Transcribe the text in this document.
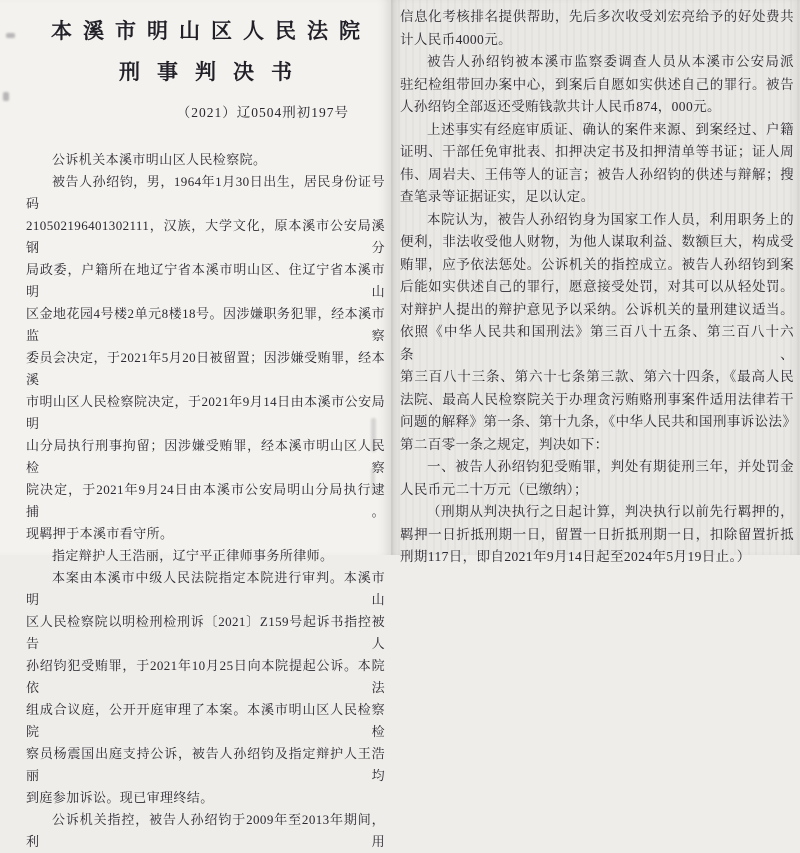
本溪市明山区人民法院
刑事判决书
（2021）辽0504刑初197号
公诉机关本溪市明山区人民检察院。
被告人孙绍钧，男，1964年1月30日出生，居民身份证号码
210502196401302111，汉族，大学文化，原本溪市公安局溪钢分
局政委，户籍所在地辽宁省本溪市明山区、住辽宁省本溪市明山
区金地花园4号楼2单元8楼18号。因涉嫌职务犯罪，经本溪市监察
委员会决定，于2021年5月20日被留置；因涉嫌受贿罪，经本溪
市明山区人民检察院决定，于2021年9月14日由本溪市公安局明
山分局执行刑事拘留；因涉嫌受贿罪，经本溪市明山区人民检察
院决定，于2021年9月24日由本溪市公安局明山分局执行逮捕。
现羁押于本溪市看守所。
指定辩护人王浩丽，辽宁平正律师事务所律师。
本案由本溪市中级人民法院指定本院进行审判。本溪市明山
区人民检察院以明检刑检刑诉〔2021〕Z159号起诉书指控被告人
孙绍钧犯受贿罪，于2021年10月25日向本院提起公诉。本院依法
组成合议庭，公开开庭审理了本案。本溪市明山区人民检察院检
察员杨震国出庭支持公诉，被告人孙绍钧及指定辩护人王浩丽均
到庭参加诉讼。现已审理终结。
公诉机关指控，被告人孙绍钧于2009年至2013年期间，利用
信息化考核排名提供帮助，先后多次收受刘宏亮给予的好处费共
计人民币4000元。
被告人孙绍钧被本溪市监察委调查人员从本溪市公安局派
驻纪检组带回办案中心，到案后自愿如实供述自己的罪行。被告
人孙绍钧全部返还受贿钱款共计人民币874，000元。
上述事实有经庭审质证、确认的案件来源、到案经过、户籍
证明、干部任免审批表、扣押决定书及扣押清单等书证；证人周
伟、周岩夫、王伟等人的证言；被告人孙绍钧的供述与辩解；搜
查笔录等证据证实，足以认定。
本院认为，被告人孙绍钧身为国家工作人员，利用职务上的
便利，非法收受他人财物，为他人谋取利益、数额巨大，构成受
贿罪，应予依法惩处。公诉机关的指控成立。被告人孙绍钧到案
后能如实供述自己的罪行，愿意接受处罚，对其可以从轻处罚。
对辩护人提出的辩护意见予以采纳。公诉机关的量刑建议适当。
依照《中华人民共和国刑法》第三百八十五条、第三百八十六条、
第三百八十三条、第六十七条第三款、第六十四条，《最高人民
法院、最高人民检察院关于办理贪污贿赂刑事案件适用法律若干
问题的解释》第一条、第十九条，《中华人民共和国刑事诉讼法》
第二百零一条之规定，判决如下：
一、被告人孙绍钧犯受贿罪，判处有期徒刑三年，并处罚金
人民币元二十万元（已缴纳）；
（刑期从判决执行之日起计算，判决执行以前先行羁押的，
羁押一日折抵刑期一日，留置一日折抵刑期一日，扣除留置折抵
刑期117日，即自2021年9月14日起至2024年5月19日止。）
